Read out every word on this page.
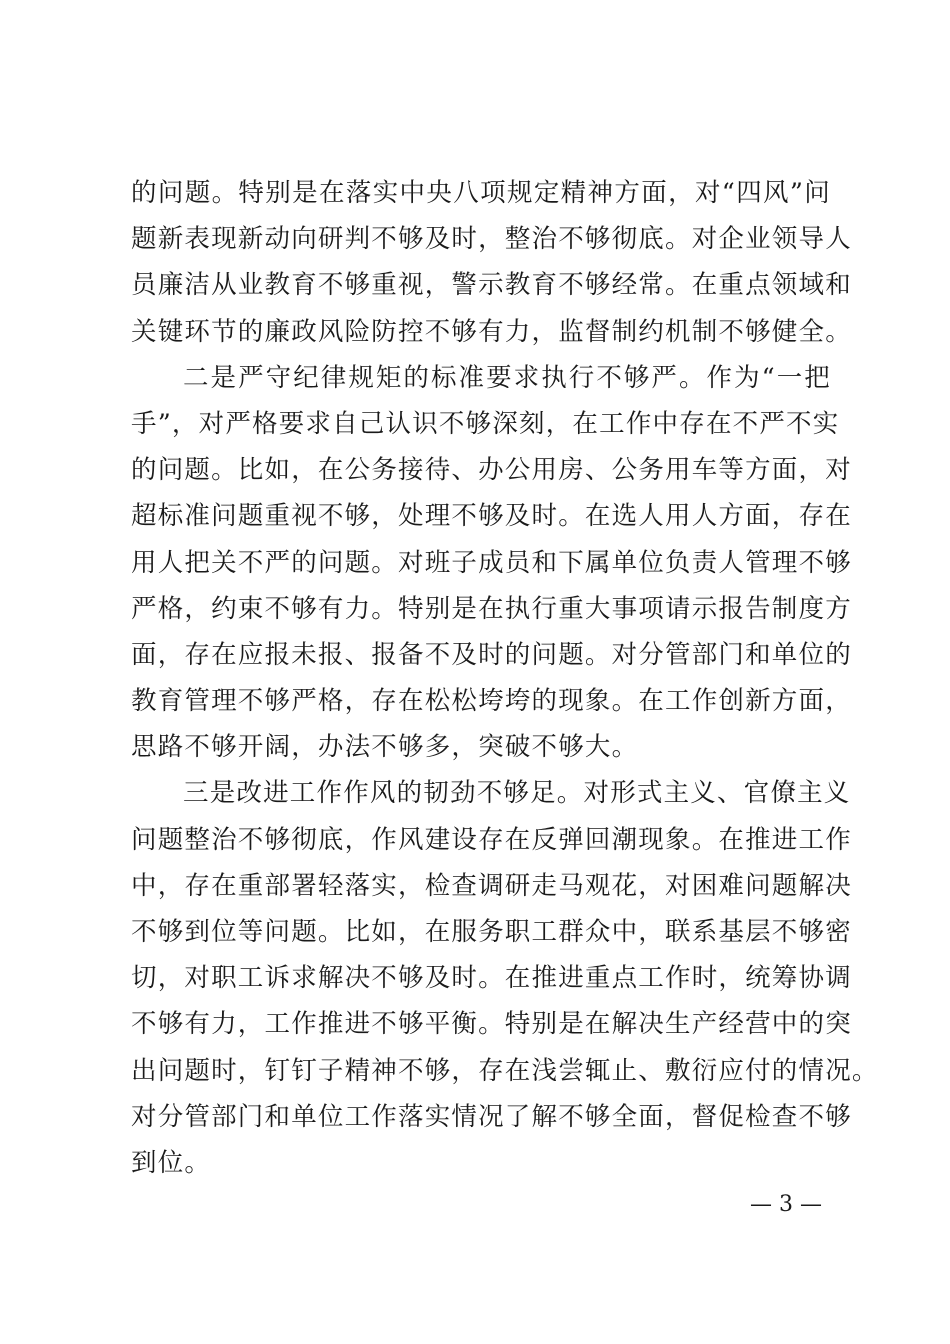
的问题。特别是在落实中央八项规定精神方面，对“四风”问
题新表现新动向研判不够及时，整治不够彻底。对企业领导人
员廉洁从业教育不够重视，警示教育不够经常。在重点领域和
关键环节的廉政风险防控不够有力，监督制约机制不够健全。
二是严守纪律规矩的标准要求执行不够严。作为“一把
手”，对严格要求自己认识不够深刻，在工作中存在不严不实
的问题。比如，在公务接待、办公用房、公务用车等方面，对
超标准问题重视不够，处理不够及时。在选人用人方面，存在
用人把关不严的问题。对班子成员和下属单位负责人管理不够
严格，约束不够有力。特别是在执行重大事项请示报告制度方
面，存在应报未报、报备不及时的问题。对分管部门和单位的
教育管理不够严格，存在松松垮垮的现象。在工作创新方面，
思路不够开阔，办法不够多，突破不够大。
三是改进工作作风的韧劲不够足。对形式主义、官僚主义
问题整治不够彻底，作风建设存在反弹回潮现象。在推进工作
中，存在重部署轻落实，检查调研走马观花，对困难问题解决
不够到位等问题。比如，在服务职工群众中，联系基层不够密
切，对职工诉求解决不够及时。在推进重点工作时，统筹协调
不够有力，工作推进不够平衡。特别是在解决生产经营中的突
出问题时，钉钉子精神不够，存在浅尝辄止、敷衍应付的情况。
对分管部门和单位工作落实情况了解不够全面，督促检查不够
到位。
— 3 —
